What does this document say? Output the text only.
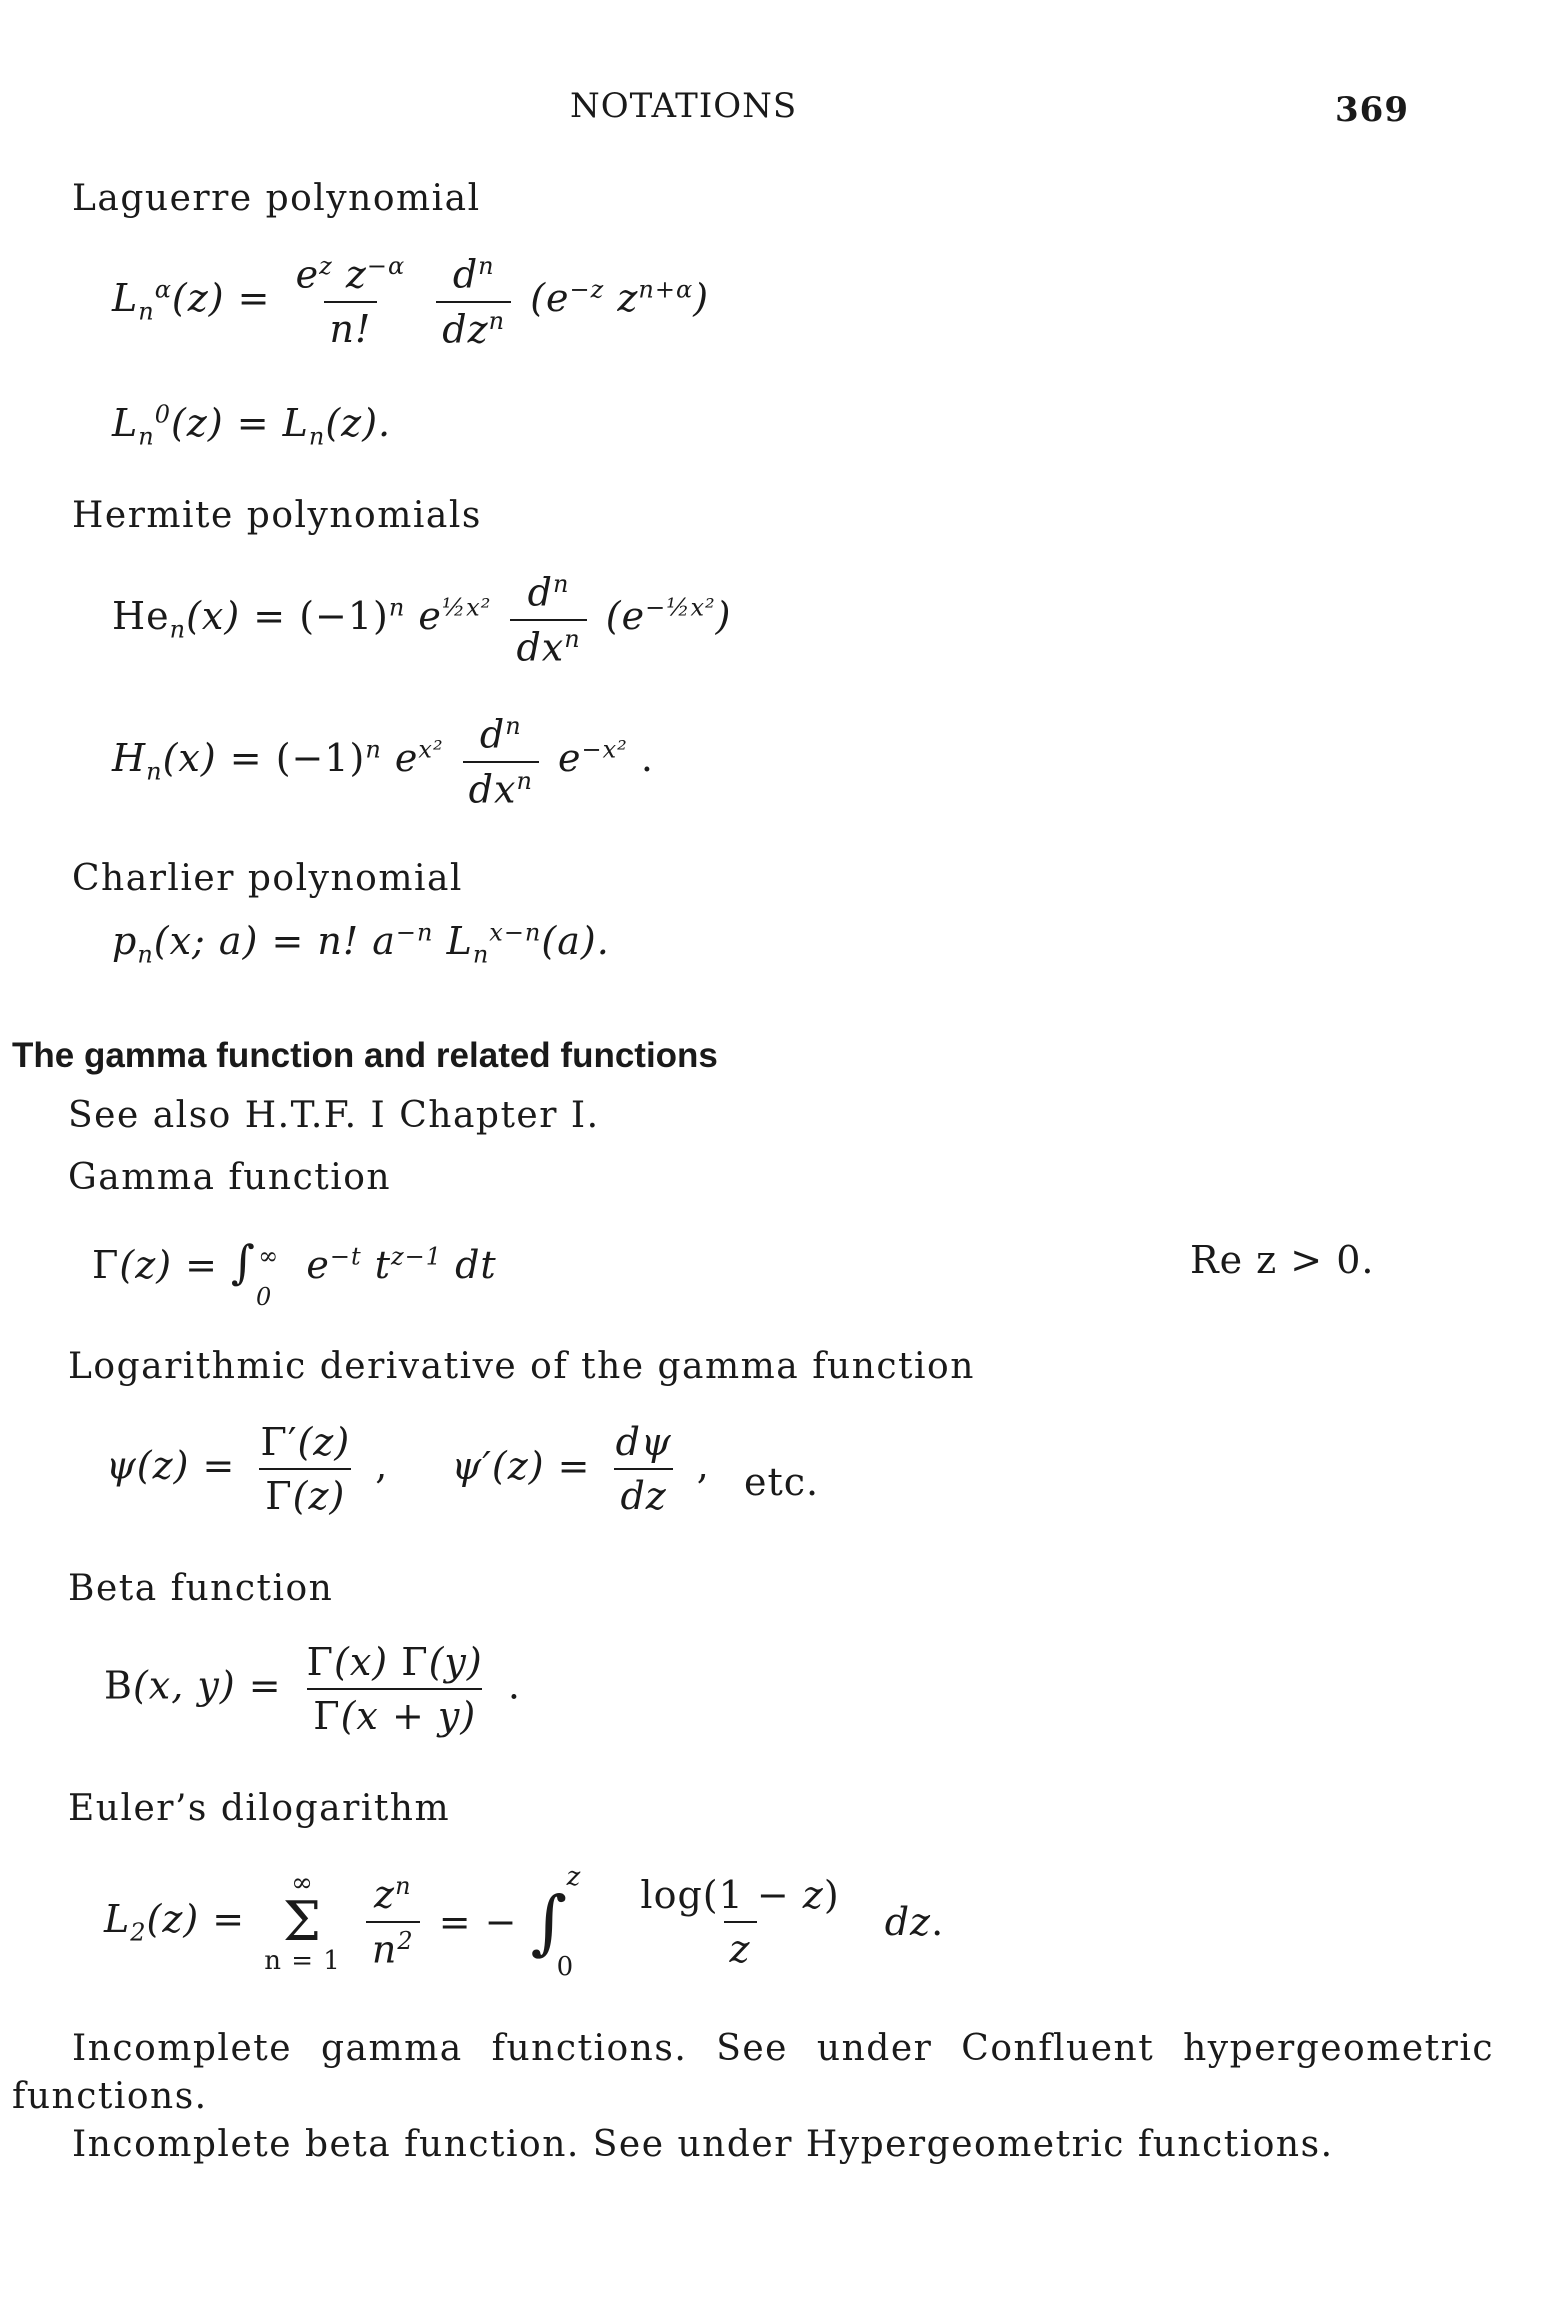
NOTATIONS	369
Laguerre polynomial
$L_n^\alpha(z) = \frac{e^z z^{-\alpha}}{n!}$
$\frac{d^n}{dz^n} (e^{-z}$ $z^{n+\alpha}$)
$L_n^0(z) = L_n(z)$.
Hermite polynomials
$He_n(x) = (-1)^n$ $e^{\frac{1}{2}x^2} \frac{d^n}{dx^n} (e^{-\frac{1}{2}x^2})$
$H_n(x) = (-1)^n$ $e^{x^2} \frac{d^n}{dx^n} e^{-x^2}$ .
Charlier polynomial
$p_n(x$; a) = n! $a^{-n}$ $L_n^{x-n}(a)$.
The gamma function and related functions
See also H.T.F. I Chapter I.
Gamma function
$\Gamma(z) = \int_0^\infty$ $e^{-t}$ $t^{z-1}$ dt	Re z > 0.
Logarithmic derivative of the gamma function
$\psi(z) = \frac{\Gamma'(z)}{\Gamma(z)}$ , $\psi'(z) = \frac{d\psi}{dz}$ , etc.
Beta function
B(x, $y) = \frac{\Gamma(x) \Gamma(y)}{\Gamma(x + y)}$ .
Euler’s dilogarithm
$L_2(z)$ =
∞
Σ
n = 1
$\frac{z^n}{n^2}$ = −
z
∫
0
$\frac{\log(1 - z)}{z}$ dz.
Incomplete gamma functions. See under Confluent hypergeometric
functions.
Incomplete beta function. See under Hypergeometric functions.
